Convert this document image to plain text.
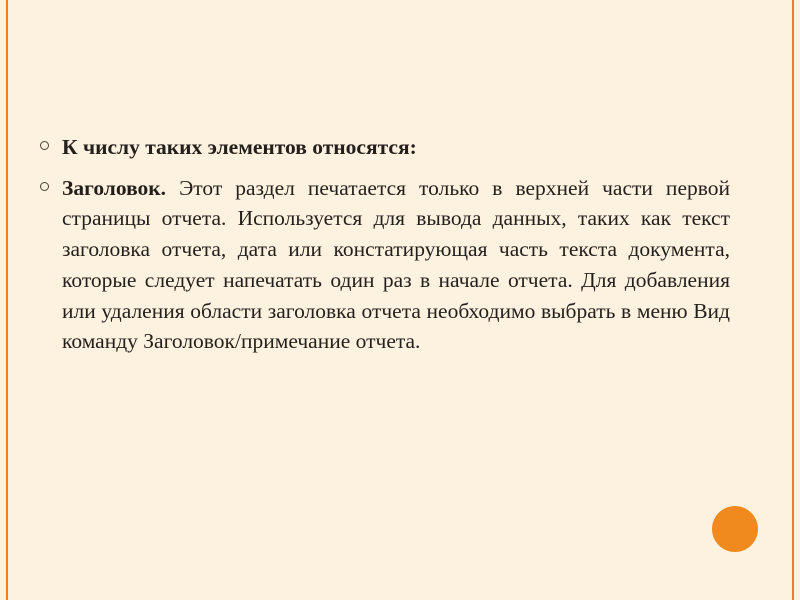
К числу таких элементов относятся:
Заголовок. Этот раздел печатается только в верхней части первой страницы отчета. Используется для вывода данных, таких как текст заголовка отчета, дата или констатирующая часть текста документа, которые следует напечатать один раз в начале отчета. Для добавления или удаления области заголовка отчета необходимо выбрать в меню Вид команду Заголовок/примечание отчета.
